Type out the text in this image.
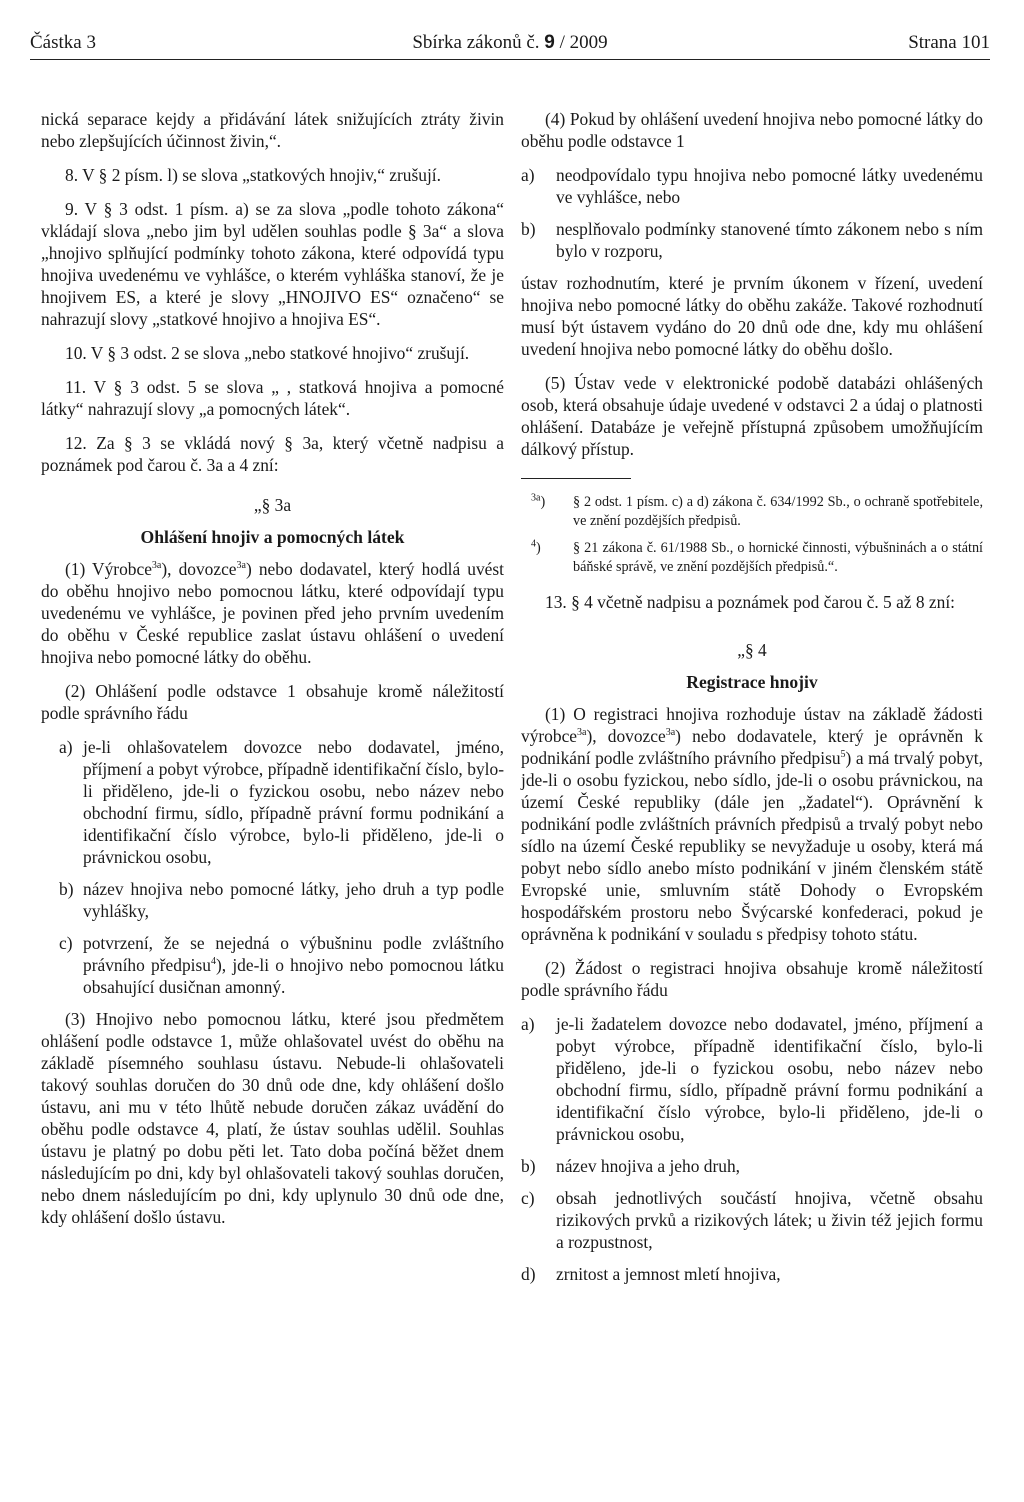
Částka 3	Sbírka zákonů č. 9 / 2009	Strana 101

nická separace kejdy a přidávání látek snižujících ztráty živin nebo zlepšujících účinnost živin,“.

8. V § 2 písm. l) se slova „statkových hnojiv,“ zrušují.

9. V § 3 odst. 1 písm. a) se za slova „podle tohoto zákona“ vkládají slova „nebo jim byl udělen souhlas podle § 3a“ a slova „hnojivo splňující podmínky tohoto zákona, které odpovídá typu hnojiva uvedenému ve vyhlášce, o kterém vyhláška stanoví, že je hnojivem ES, a které je slovy „HNOJIVO ES“ označeno“ se nahrazují slovy „statkové hnojivo a hnojiva ES“.

10. V § 3 odst. 2 se slova „nebo statkové hnojivo“ zrušují.

11. V § 3 odst. 5 se slova „ , statková hnojiva a pomocné látky“ nahrazují slovy „a pomocných látek“.

12. Za § 3 se vkládá nový § 3a, který včetně nadpisu a poznámek pod čarou č. 3a a 4 zní:

„§ 3a
Ohlášení hnojiv a pomocných látek

(1) Výrobce$^{3a}$), dovozce$^{3a}$) nebo dodavatel, který hodlá uvést do oběhu hnojivo nebo pomocnou látku, které odpovídají typu uvedenému ve vyhlášce, je povinen před jeho prvním uvedením do oběhu v České republice zaslat ústavu ohlášení o uvedení hnojiva nebo pomocné látky do oběhu.

(2) Ohlášení podle odstavce 1 obsahuje kromě náležitostí podle správního řádu

a) je-li ohlašovatelem dovozce nebo dodavatel, jméno, příjmení a pobyt výrobce, případně identifikační číslo, bylo-li přiděleno, jde-li o fyzickou osobu, nebo název nebo obchodní firmu, sídlo, případně právní formu podnikání a identifikační číslo výrobce, bylo-li přiděleno, jde-li o právnickou osobu,
b) název hnojiva nebo pomocné látky, jeho druh a typ podle vyhlášky,
c) potvrzení, že se nejedná o výbušninu podle zvláštního právního předpisu$^4$), jde-li o hnojivo nebo pomocnou látku obsahující dusičnan amonný.

(3) Hnojivo nebo pomocnou látku, které jsou předmětem ohlášení podle odstavce 1, může ohlašovatel uvést do oběhu na základě písemného souhlasu ústavu. Nebude-li ohlašovateli takový souhlas doručen do 30 dnů ode dne, kdy ohlášení došlo ústavu, ani mu v této lhůtě nebude doručen zákaz uvádění do oběhu podle odstavce 4, platí, že ústav souhlas udělil. Souhlas ústavu je platný po dobu pěti let. Tato doba počíná běžet dnem následujícím po dni, kdy byl ohlašovateli takový souhlas doručen, nebo dnem následujícím po dni, kdy uplynulo 30 dnů ode dne, kdy ohlášení došlo ústavu.

(4) Pokud by ohlášení uvedení hnojiva nebo pomocné látky do oběhu podle odstavce 1

a) neodpovídalo typu hnojiva nebo pomocné látky uvedenému ve vyhlášce, nebo
b) nesplňovalo podmínky stanovené tímto zákonem nebo s ním bylo v rozporu,

ústav rozhodnutím, které je prvním úkonem v řízení, uvedení hnojiva nebo pomocné látky do oběhu zakáže. Takové rozhodnutí musí být ústavem vydáno do 20 dnů ode dne, kdy mu ohlášení uvedení hnojiva nebo pomocné látky do oběhu došlo.

(5) Ústav vede v elektronické podobě databázi ohlášených osob, která obsahuje údaje uvedené v odstavci 2 a údaj o platnosti ohlášení. Databáze je veřejně přístupná způsobem umožňujícím dálkový přístup.

$^{3a}$) § 2 odst. 1 písm. c) a d) zákona č. 634/1992 Sb., o ochraně spotřebitele, ve znění pozdějších předpisů.
$^4$) § 21 zákona č. 61/1988 Sb., o hornické činnosti, výbušninách a o státní báňské správě, ve znění pozdějších předpisů.“.

13. § 4 včetně nadpisu a poznámek pod čarou č. 5 až 8 zní:

„§ 4
Registrace hnojiv

(1) O registraci hnojiva rozhoduje ústav na základě žádosti výrobce$^{3a}$), dovozce$^{3a}$) nebo dodavatele, který je oprávněn k podnikání podle zvláštního právního předpisu$^5$) a má trvalý pobyt, jde-li o osobu fyzickou, nebo sídlo, jde-li o osobu právnickou, na území České republiky (dále jen „žadatel“). Oprávnění k podnikání podle zvláštních právních předpisů a trvalý pobyt nebo sídlo na území České republiky se nevyžaduje u osoby, která má pobyt nebo sídlo anebo místo podnikání v jiném členském státě Evropské unie, smluvním státě Dohody o Evropském hospodářském prostoru nebo Švýcarské konfederaci, pokud je oprávněna k podnikání v souladu s předpisy tohoto státu.

(2) Žádost o registraci hnojiva obsahuje kromě náležitostí podle správního řádu

a) je-li žadatelem dovozce nebo dodavatel, jméno, příjmení a pobyt výrobce, případně identifikační číslo, bylo-li přiděleno, jde-li o fyzickou osobu, nebo název nebo obchodní firmu, sídlo, případně právní formu podnikání a identifikační číslo výrobce, bylo-li přiděleno, jde-li o právnickou osobu,
b) název hnojiva a jeho druh,
c) obsah jednotlivých součástí hnojiva, včetně obsahu rizikových prvků a rizikových látek; u živin též jejich formu a rozpustnost,
d) zrnitost a jemnost mletí hnojiva,
